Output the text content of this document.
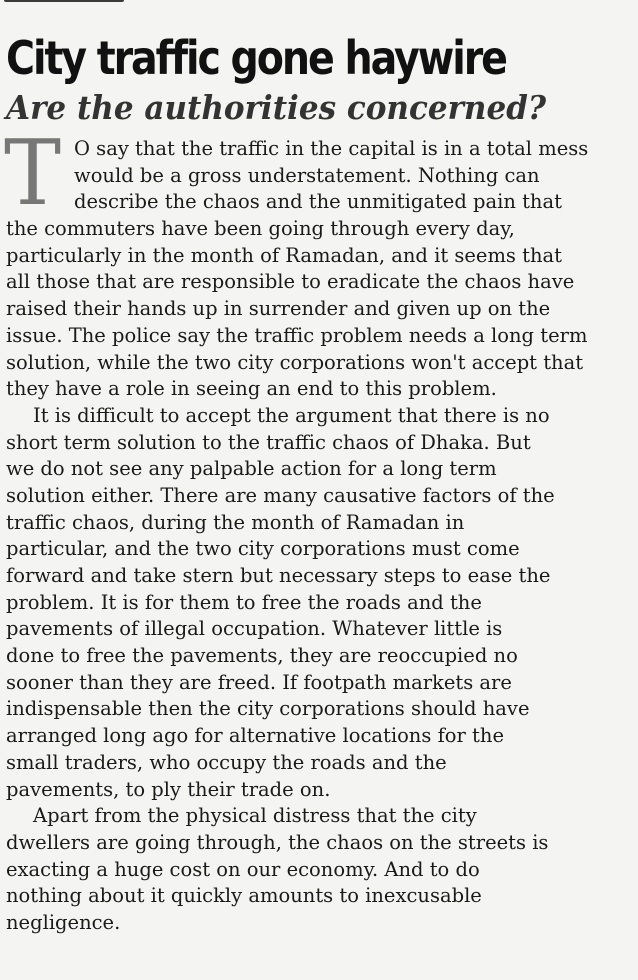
City traffic gone haywire
Are the authorities concerned?
T O say that the traffic in the capital is in a total mess
would be a gross understatement. Nothing can
describe the chaos and the unmitigated pain that
the commuters have been going through every day,
particularly in the month of Ramadan, and it seems that
all those that are responsible to eradicate the chaos have
raised their hands up in surrender and given up on the
issue. The police say the traffic problem needs a long term
solution, while the two city corporations won't accept that
they have a role in seeing an end to this problem.
It is difficult to accept the argument that there is no
short term solution to the traffic chaos of Dhaka. But
we do not see any palpable action for a long term
solution either. There are many causative factors of the
traffic chaos, during the month of Ramadan in
particular, and the two city corporations must come
forward and take stern but necessary steps to ease the
problem. It is for them to free the roads and the
pavements of illegal occupation. Whatever little is
done to free the pavements, they are reoccupied no
sooner than they are freed. If footpath markets are
indispensable then the city corporations should have
arranged long ago for alternative locations for the
small traders, who occupy the roads and the
pavements, to ply their trade on.
Apart from the physical distress that the city
dwellers are going through, the chaos on the streets is
exacting a huge cost on our economy. And to do
nothing about it quickly amounts to inexcusable
negligence.
